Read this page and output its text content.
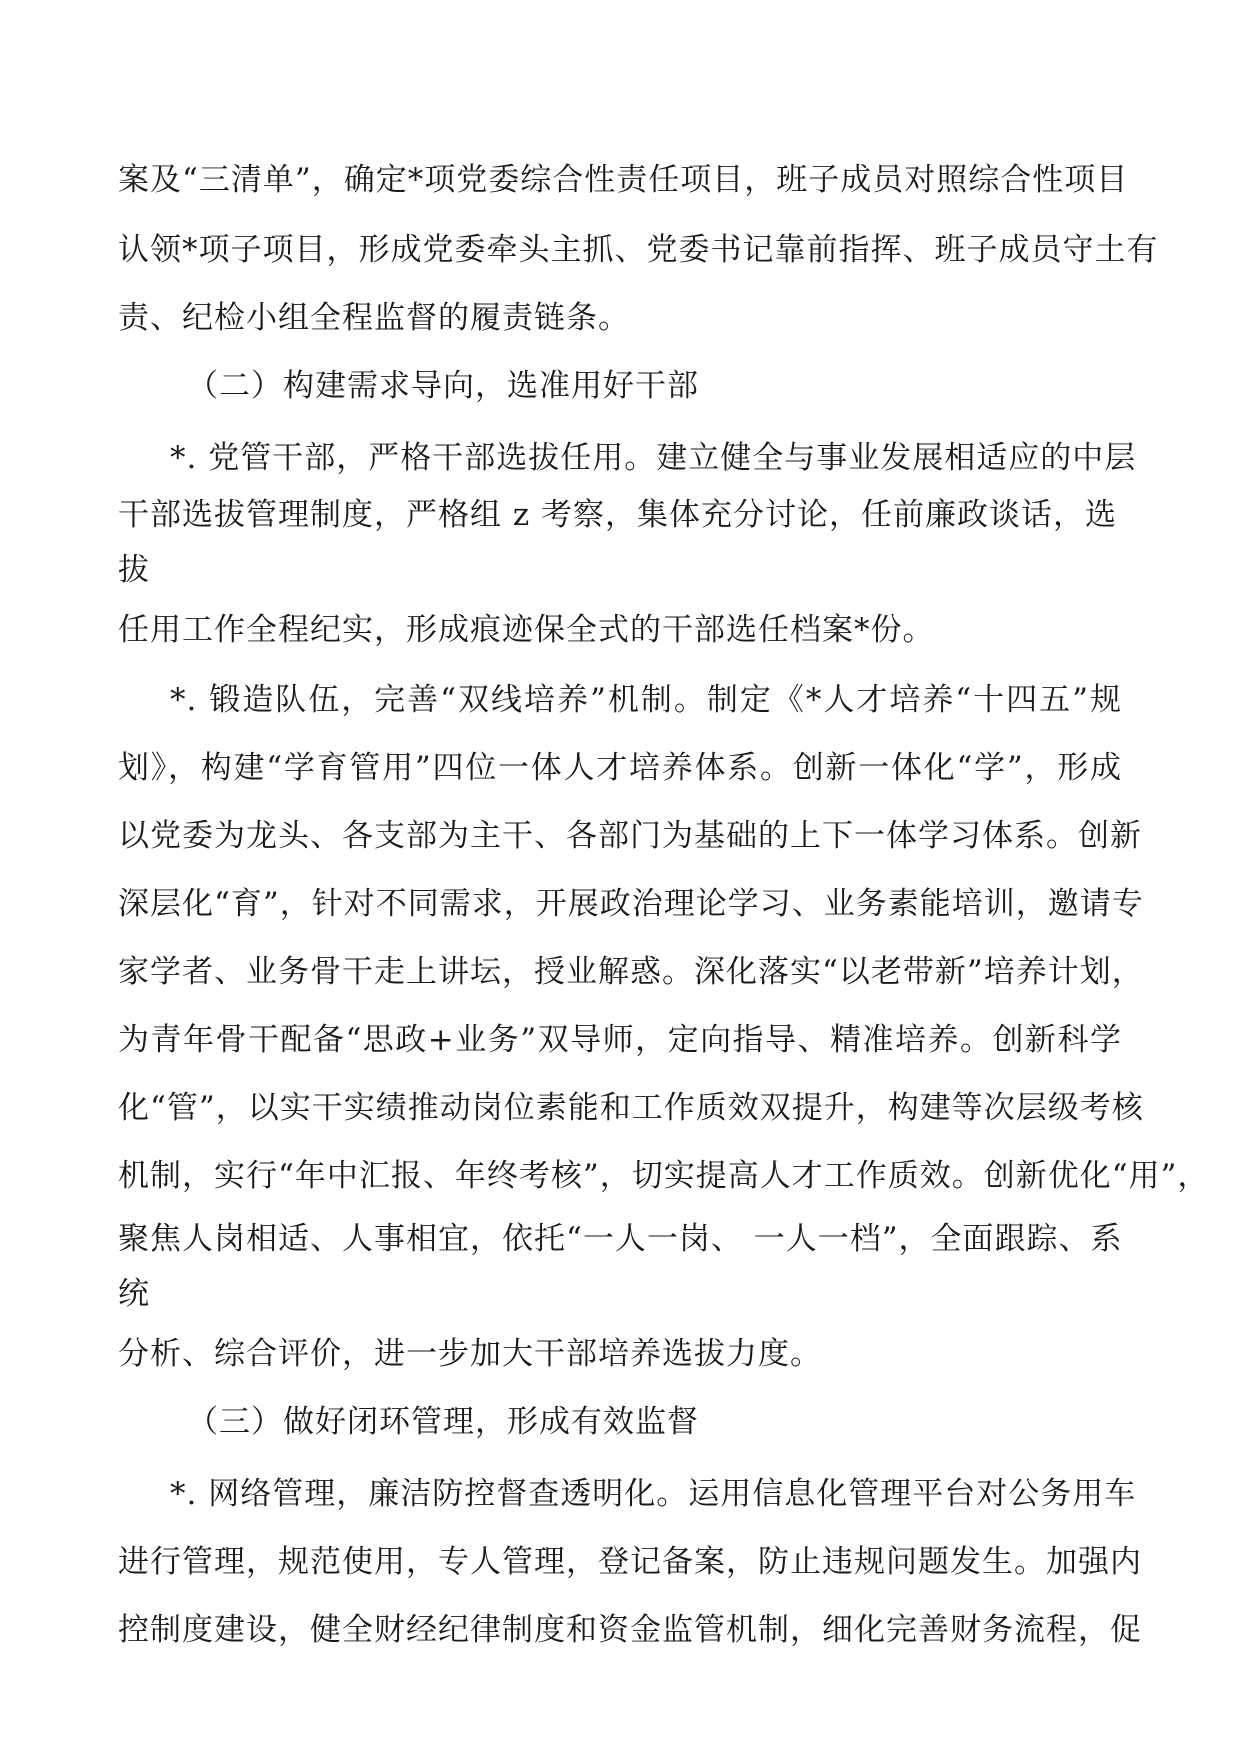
案及“三清单”，确定*项党委综合性责任项目，班子成员对照综合性项目
认领*项子项目，形成党委牵头主抓、党委书记靠前指挥、班子成员守土有
责、纪检小组全程监督的履责链条。
（二）构建需求导向，选准用好干部
*. 党管干部，严格干部选拔任用。建立健全与事业发展相适应的中层
干部选拔管理制度，严格组 z 考察，集体充分讨论，任前廉政谈话，选
拔
任用工作全程纪实，形成痕迹保全式的干部选任档案*份。
*. 锻造队伍，完善“双线培养”机制。制定《*人才培养“十四五”规
划》，构建“学育管用”四位一体人才培养体系。创新一体化“学”，形成
以党委为龙头、各支部为主干、各部门为基础的上下一体学习体系。创新
深层化“育”，针对不同需求，开展政治理论学习、业务素能培训，邀请专
家学者、业务骨干走上讲坛，授业解惑。深化落实“以老带新”培养计划，
为青年骨干配备“思政+业务”双导师，定向指导、精准培养。创新科学
化“管”，以实干实绩推动岗位素能和工作质效双提升，构建等次层级考核
机制，实行“年中汇报、年终考核”，切实提高人才工作质效。创新优化“用”，
聚焦人岗相适、人事相宜，依托“一人一岗、 一人一档”，全面跟踪、系
统
分析、综合评价，进一步加大干部培养选拔力度。
（三）做好闭环管理，形成有效监督
*. 网络管理，廉洁防控督查透明化。运用信息化管理平台对公务用车
进行管理，规范使用，专人管理，登记备案，防止违规问题发生。加强内
控制度建设，健全财经纪律制度和资金监管机制，细化完善财务流程，促
